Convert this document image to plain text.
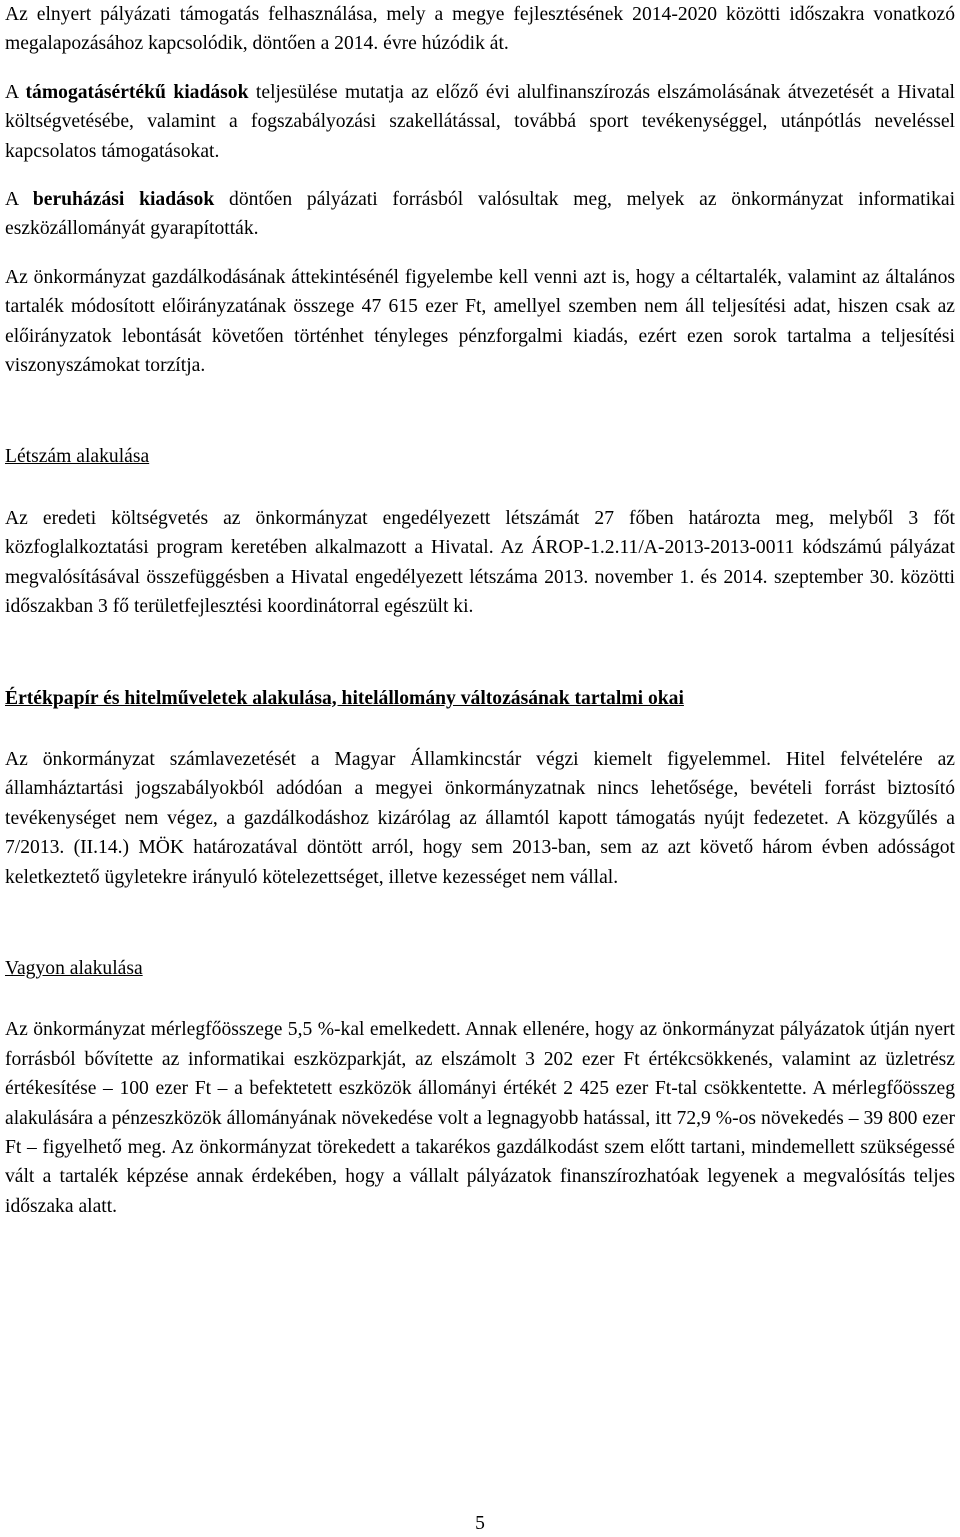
Az elnyert pályázati támogatás felhasználása, mely a megye fejlesztésének 2014-2020 közötti időszakra vonatkozó megalapozásához kapcsolódik, döntően a 2014. évre húzódik át.

A támogatásértékű kiadások teljesülése mutatja az előző évi alulfinanszírozás elszámolásának átvezetését a Hivatal költségvetésébe, valamint a fogszabályozási szakellátással, továbbá sport tevékenységgel, utánpótlás neveléssel kapcsolatos támogatásokat.

A beruházási kiadások döntően pályázati forrásból valósultak meg, melyek az önkormányzat informatikai eszközállományát gyarapították.

Az önkormányzat gazdálkodásának áttekintésénél figyelembe kell venni azt is, hogy a céltartalék, valamint az általános tartalék módosított előirányzatának összege 47 615 ezer Ft, amellyel szemben nem áll teljesítési adat, hiszen csak az előirányzatok lebontását követően történhet tényleges pénzforgalmi kiadás, ezért ezen sorok tartalma a teljesítési viszonyszámokat torzítja.

Létszám alakulása

Az eredeti költségvetés az önkormányzat engedélyezett létszámát 27 főben határozta meg, melyből 3 főt közfoglalkoztatási program keretében alkalmazott a Hivatal. Az ÁROP-1.2.11/A-2013-2013-0011 kódszámú pályázat megvalósításával összefüggésben a Hivatal engedélyezett létszáma 2013. november 1. és 2014. szeptember 30. közötti időszakban 3 fő területfejlesztési koordinátorral egészült ki.

Értékpapír és hitelműveletek alakulása, hitelállomány változásának tartalmi okai

Az önkormányzat számlavezetését a Magyar Államkincstár végzi kiemelt figyelemmel. Hitel felvételére az államháztartási jogszabályokból adódóan a megyei önkormányzatnak nincs lehetősége, bevételi forrást biztosító tevékenységet nem végez, a gazdálkodáshoz kizárólag az államtól kapott támogatás nyújt fedezetet. A közgyűlés a 7/2013. (II.14.) MÖK határozatával döntött arról, hogy sem 2013-ban, sem az azt követő három évben adósságot keletkeztető ügyletekre irányuló kötelezettséget, illetve kezességet nem vállal.

Vagyon alakulása

Az önkormányzat mérlegfőösszege 5,5 %-kal emelkedett. Annak ellenére, hogy az önkormányzat pályázatok útján nyert forrásból bővítette az informatikai eszközparkját, az elszámolt 3 202 ezer Ft értékcsökkenés, valamint az üzletrész értékesítése – 100 ezer Ft – a befektetett eszközök állományi értékét 2 425 ezer Ft-tal csökkentette. A mérlegfőösszeg alakulására a pénzeszközök állományának növekedése volt a legnagyobb hatással, itt 72,9 %-os növekedés – 39 800 ezer Ft – figyelhető meg. Az önkormányzat törekedett a takarékos gazdálkodást szem előtt tartani, mindemellett szükségessé vált a tartalék képzése annak érdekében, hogy a vállalt pályázatok finanszírozhatóak legyenek a megvalósítás teljes időszaka alatt.

5
